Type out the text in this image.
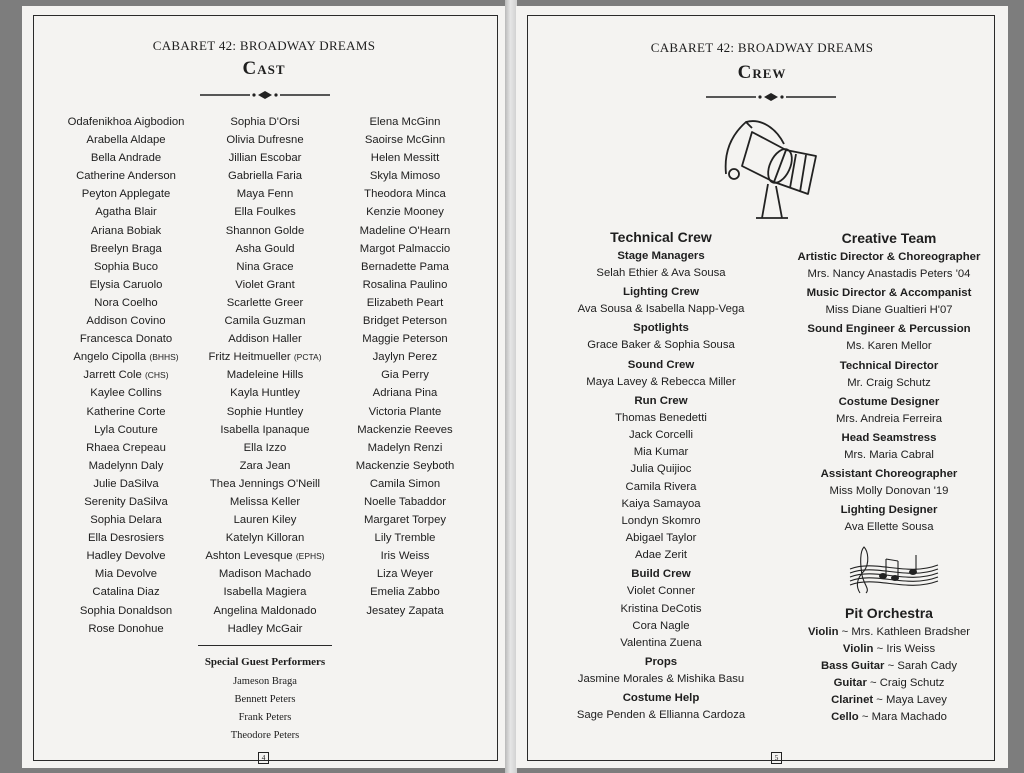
CABARET 42: BROADWAY DREAMS
Cast
Odafenikhoa Aigbodion
Arabella Aldape
Bella Andrade
Catherine Anderson
Peyton Applegate
Agatha Blair
Ariana Bobiak
Breelyn Braga
Sophia Buco
Elysia Caruolo
Nora Coelho
Addison Covino
Francesca Donato
Angelo Cipolla (BHHS)
Jarrett Cole (CHS)
Kaylee Collins
Katherine Corte
Lyla Couture
Rhaea Crepeau
Madelynn Daly
Julie DaSilva
Serenity DaSilva
Sophia Delara
Ella Desrosiers
Hadley Devolve
Mia Devolve
Catalina Diaz
Sophia Donaldson
Rose Donohue
Sophia D'Orsi
Olivia Dufresne
Jillian Escobar
Gabriella Faria
Maya Fenn
Ella Foulkes
Shannon Golde
Asha Gould
Nina Grace
Violet Grant
Scarlette Greer
Camila Guzman
Addison Haller
Fritz Heitmueller (PCTA)
Madeleine Hills
Kayla Huntley
Sophie Huntley
Isabella Ipanaque
Ella Izzo
Zara Jean
Thea Jennings O'Neill
Melissa Keller
Lauren Kiley
Katelyn Killoran
Ashton Levesque (EPHS)
Madison Machado
Isabella Magiera
Angelina Maldonado
Hadley McGair
Elena McGinn
Saoirse McGinn
Helen Messitt
Skyla Mimoso
Theodora Minca
Kenzie Mooney
Madeline O'Hearn
Margot Palmaccio
Bernadette Pama
Rosalina Paulino
Elizabeth Peart
Bridget Peterson
Maggie Peterson
Jaylyn Perez
Gia Perry
Adriana Pina
Victoria Plante
Mackenzie Reeves
Madelyn Renzi
Mackenzie Seyboth
Camila Simon
Noelle Tabaddor
Margaret Torpey
Lily Tremble
Iris Weiss
Liza Weyer
Emelia Zabbo
Jesatey Zapata
Special Guest Performers
Jameson Braga
Bennett Peters
Frank Peters
Theodore Peters
4
CABARET 42: BROADWAY DREAMS
Crew
Technical Crew
Stage Managers
Selah Ethier & Ava Sousa
Lighting Crew
Ava Sousa & Isabella Napp-Vega
Spotlights
Grace Baker & Sophia Sousa
Sound Crew
Maya Lavey & Rebecca Miller
Run Crew
Thomas Benedetti
Jack Corcelli
Mia Kumar
Julia Quijioc
Camila Rivera
Kaiya Samayoa
Londyn Skomro
Abigael Taylor
Adae Zerit
Build Crew
Violet Conner
Kristina DeCotis
Cora Nagle
Valentina Zuena
Props
Jasmine Morales & Mishika Basu
Costume Help
Sage Penden & Ellianna Cardoza
Creative Team
Artistic Director & Choreographer
Mrs. Nancy Anastadis Peters '04
Music Director & Accompanist
Miss Diane Gualtieri H'07
Sound Engineer & Percussion
Ms. Karen Mellor
Technical Director
Mr. Craig Schutz
Costume Designer
Mrs. Andreia Ferreira
Head Seamstress
Mrs. Maria Cabral
Assistant Choreographer
Miss Molly Donovan '19
Lighting Designer
Ava Ellette Sousa
Pit Orchestra
Violin ~ Mrs. Kathleen Bradsher
Violin ~ Iris Weiss
Bass Guitar ~ Sarah Cady
Guitar ~ Craig Schutz
Clarinet ~ Maya Lavey
Cello ~ Mara Machado
5
